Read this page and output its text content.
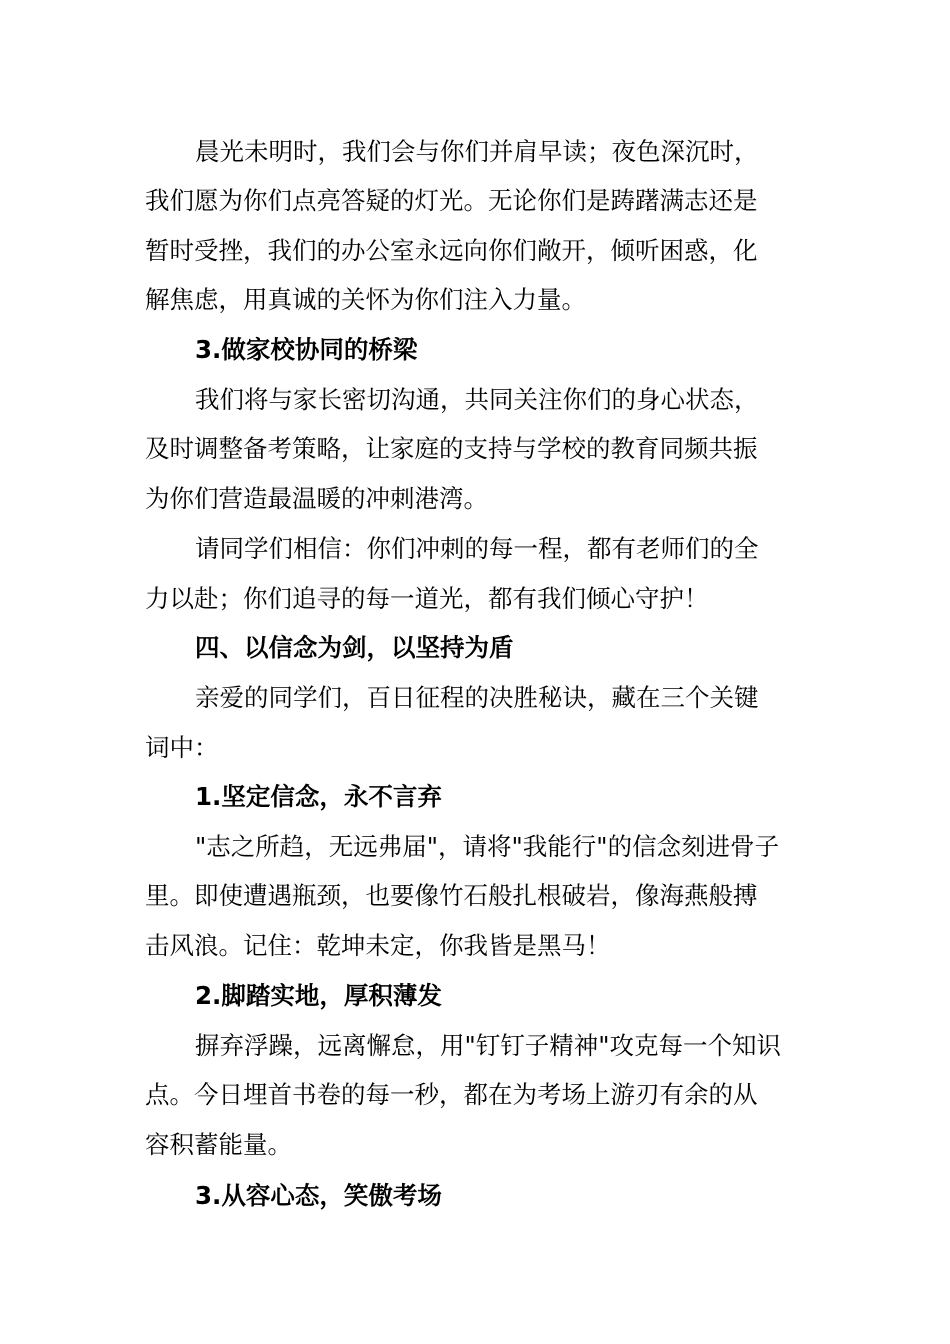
晨光未明时，我们会与你们并肩早读；夜色深沉时，
我们愿为你们点亮答疑的灯光。无论你们是踌躇满志还是
暂时受挫，我们的办公室永远向你们敞开，倾听困惑，化
解焦虑，用真诚的关怀为你们注入力量。
3.做家校协同的桥梁
我们将与家长密切沟通，共同关注你们的身心状态，
及时调整备考策略，让家庭的支持与学校的教育同频共振
为你们营造最温暖的冲刺港湾。
请同学们相信：你们冲刺的每一程，都有老师们的全
力以赴；你们追寻的每一道光，都有我们倾心守护！
四、以信念为剑，以坚持为盾
亲爱的同学们，百日征程的决胜秘诀，藏在三个关键
词中：
1.坚定信念，永不言弃
"志之所趋，无远弗届"，请将"我能行"的信念刻进骨子
里。即使遭遇瓶颈，也要像竹石般扎根破岩，像海燕般搏
击风浪。记住：乾坤未定，你我皆是黑马！
2.脚踏实地，厚积薄发
摒弃浮躁，远离懈怠，用"钉钉子精神"攻克每一个知识
点。今日埋首书卷的每一秒，都在为考场上游刃有余的从
容积蓄能量。
3.从容心态，笑傲考场
